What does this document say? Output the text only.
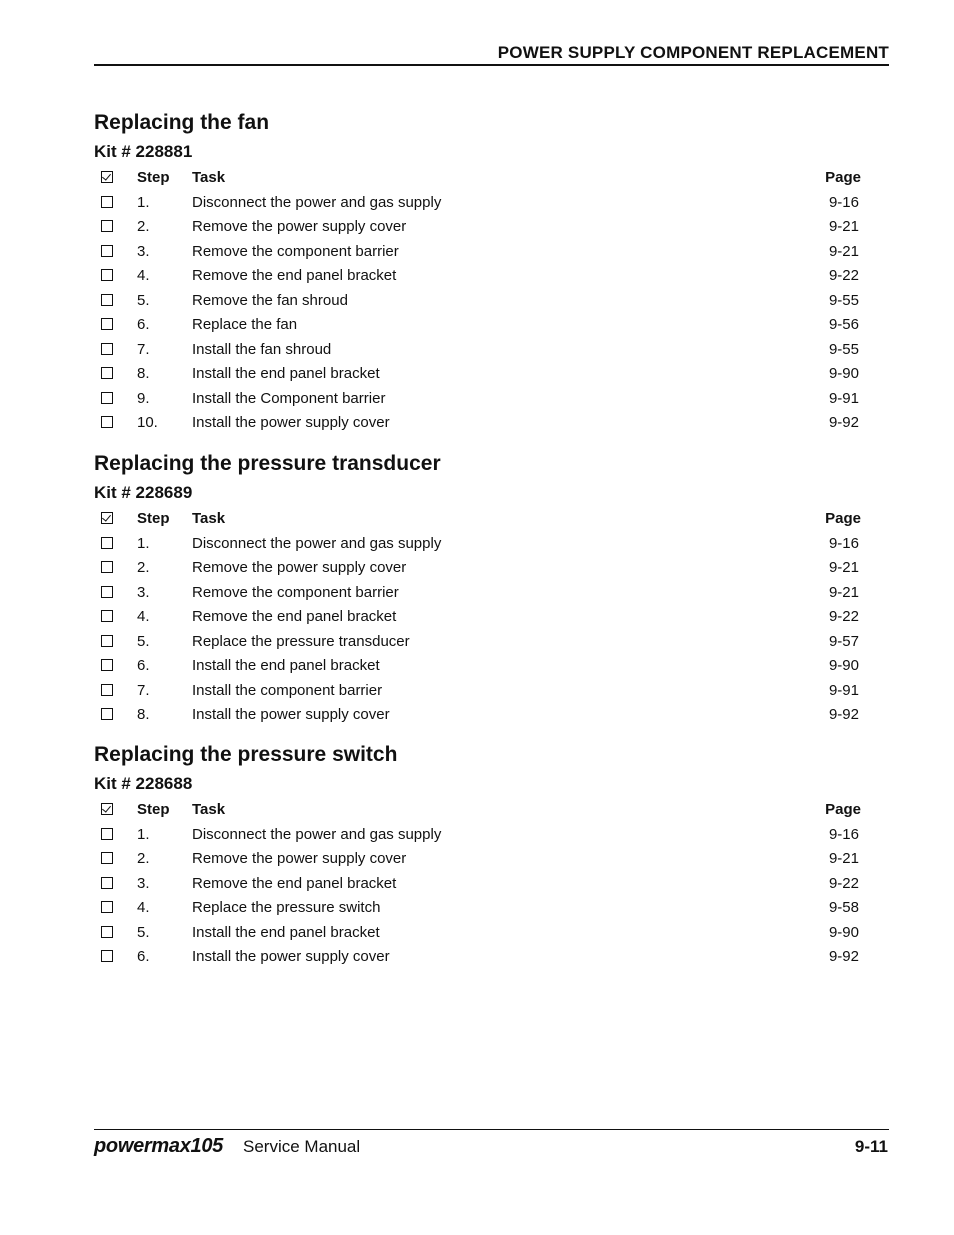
POWER SUPPLY COMPONENT REPLACEMENT
Replacing the fan
Kit # 228881
Step Task	Page
1.	Disconnect the power and gas supply	9-16
2.	Remove the power supply cover	9-21
3.	Remove the component barrier	9-21
4.	Remove the end panel bracket	9-22
5.	Remove the fan shroud	9-55
6.	Replace the fan	9-56
7.	Install the fan shroud	9-55
8.	Install the end panel bracket	9-90
9.	Install the Component barrier	9-91
10. Install the power supply cover	9-92
Replacing the pressure transducer
Kit # 228689
Step Task	Page
1.	Disconnect the power and gas supply	9-16
2.	Remove the power supply cover	9-21
3.	Remove the component barrier	9-21
4.	Remove the end panel bracket	9-22
5.	Replace the pressure transducer	9-57
6.	Install the end panel bracket	9-90
7.	Install the component barrier	9-91
8.	Install the power supply cover	9-92
Replacing the pressure switch
Kit # 228688
Step Task	Page
1.	Disconnect the power and gas supply	9-16
2.	Remove the power supply cover	9-21
3.	Remove the end panel bracket	9-22
4.	Replace the pressure switch	9-58
5.	Install the end panel bracket	9-90
6.	Install the power supply cover	9-92
powermax105 Service Manual	9-11
